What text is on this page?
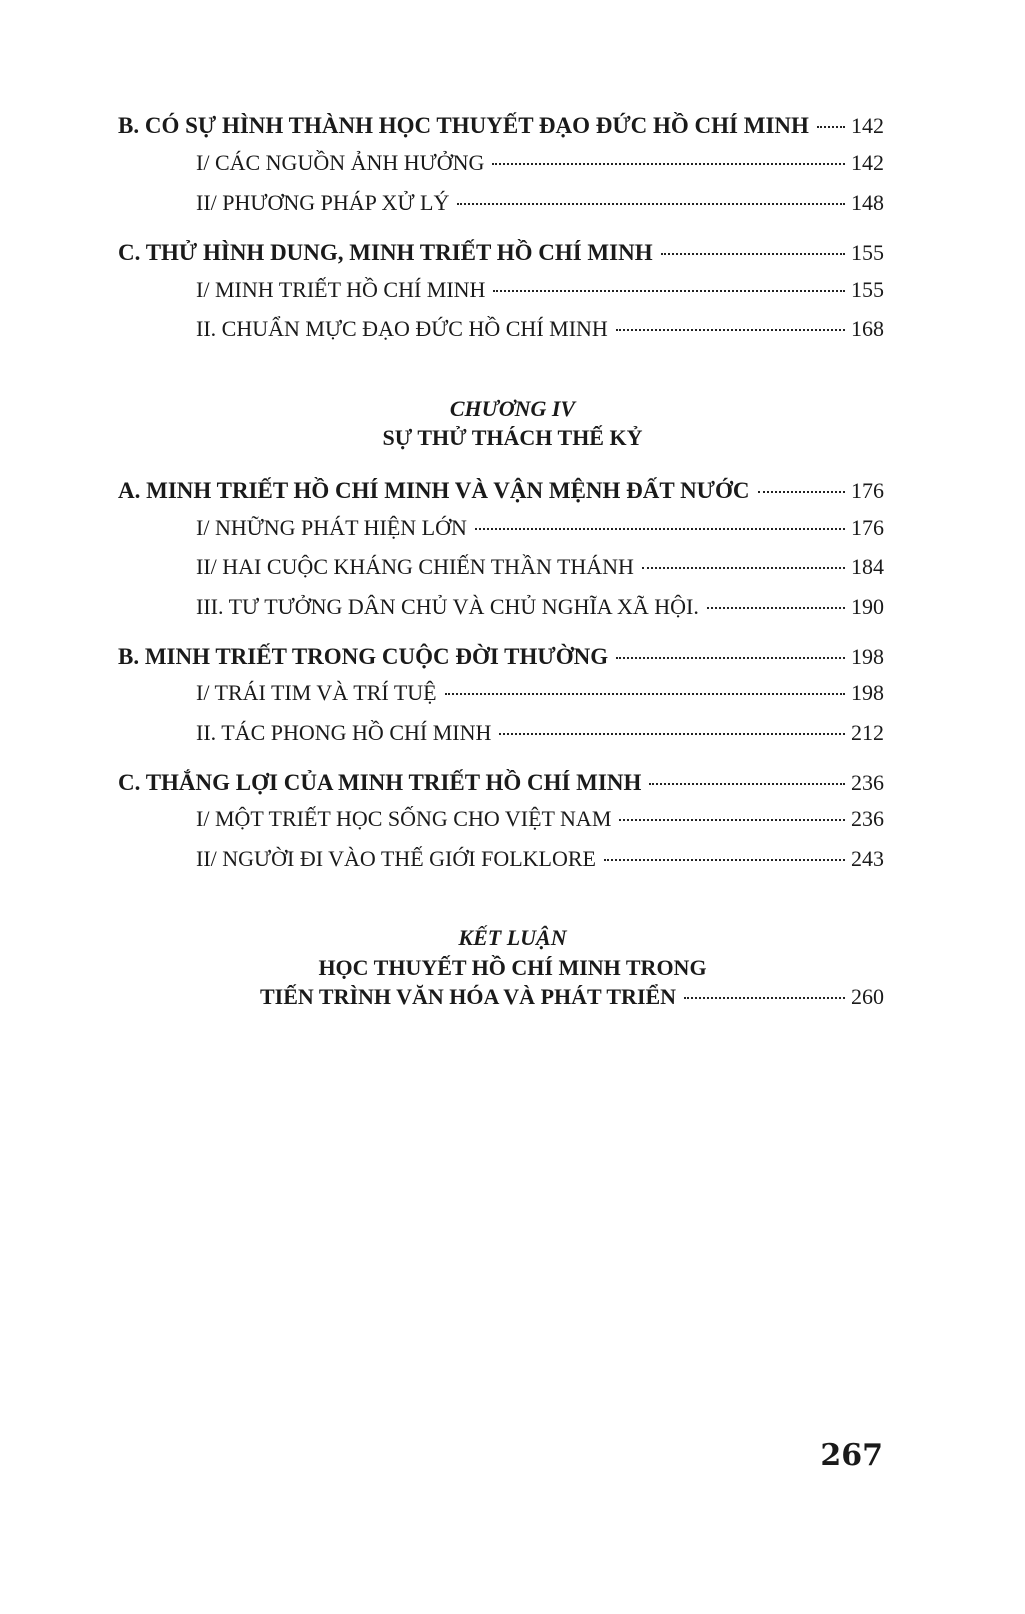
B. CÓ SỰ HÌNH THÀNH HỌC THUYẾT ĐẠO ĐỨC HỒ CHÍ MINH 142
I/ CÁC NGUỒN ẢNH HƯỞNG	142
II/ PHƯƠNG PHÁP XỬ LÝ	148
C. THỬ HÌNH DUNG, MINH TRIẾT HỒ CHÍ MINH	155
I/ MINH TRIẾT HỒ CHÍ MINH	155
II. CHUẨN MỰC ĐẠO ĐỨC HỒ CHÍ MINH	168
CHƯƠNG IV
SỰ THỬ THÁCH THẾ KỶ
A. MINH TRIẾT HỒ CHÍ MINH VÀ VẬN MỆNH ĐẤT NƯỚC	176
I/ NHỮNG PHÁT HIỆN LỚN	176
II/ HAI CUỘC KHÁNG CHIẾN THẦN THÁNH	184
III. TƯ TƯỞNG DÂN CHỦ VÀ CHỦ NGHĨA XÃ HỘI.	190
B. MINH TRIẾT TRONG CUỘC ĐỜI THƯỜNG	198
I/ TRÁI TIM VÀ TRÍ TUỆ	198
II. TÁC PHONG HỒ CHÍ MINH	212
C. THẮNG LỢI CỦA MINH TRIẾT HỒ CHÍ MINH	236
I/ MỘT TRIẾT HỌC SỐNG CHO VIỆT NAM	236
II/ NGƯỜI ĐI VÀO THẾ GIỚI FOLKLORE	243
KẾT LUẬN
HỌC THUYẾT HỒ CHÍ MINH TRONG
TIẾN TRÌNH VĂN HÓA VÀ PHÁT TRIỂN	260
267
